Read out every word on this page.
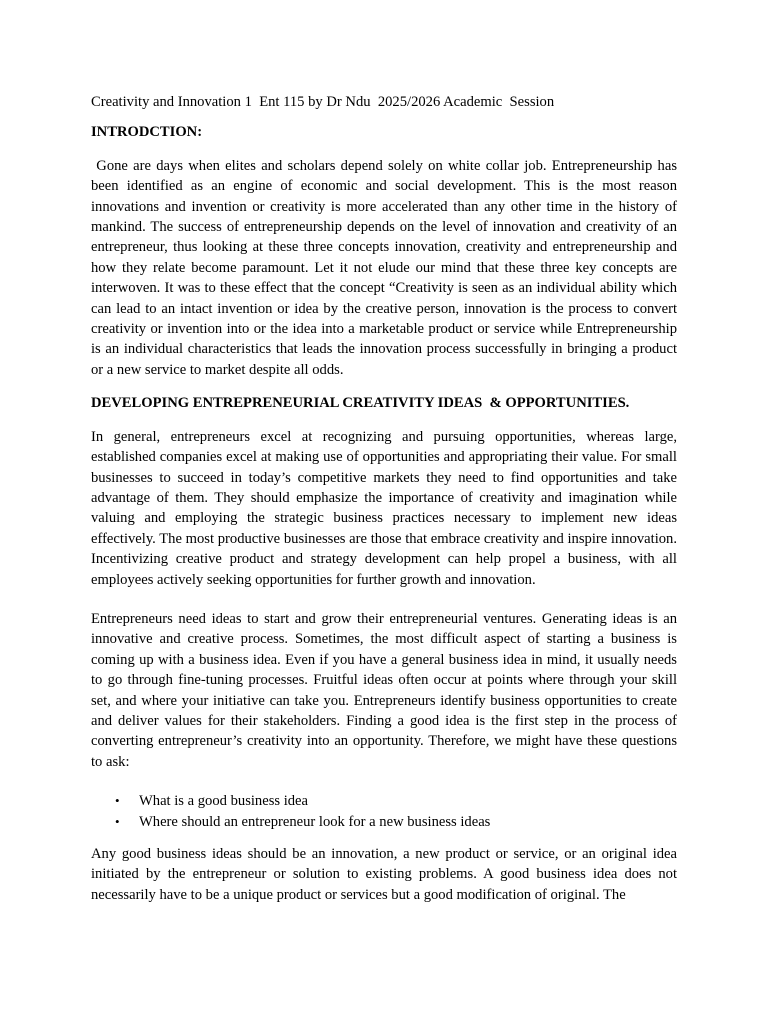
Creativity and Innovation 1  Ent 115 by Dr Ndu  2025/2026 Academic  Session

INTRODCTION:

Gone are days when elites and scholars depend solely on white collar job. Entrepreneurship has been identified as an engine of economic and social development. This is the most reason innovations and invention or creativity is more accelerated than any other time in the history of mankind. The success of entrepreneurship depends on the level of innovation and creativity of an entrepreneur, thus looking at these three concepts innovation, creativity and entrepreneurship and how they relate become paramount. Let it not elude our mind that these three key concepts are interwoven. It was to these effect that the concept “Creativity is seen as an individual ability which can lead to an intact invention or idea by the creative person, innovation is the process to convert creativity or invention into or the idea into a marketable product or service while Entrepreneurship is an individual characteristics that leads the innovation process successfully in bringing a product or a new service to market despite all odds.

DEVELOPING ENTREPRENEURIAL CREATIVITY IDEAS  & OPPORTUNITIES.

In general, entrepreneurs excel at recognizing and pursuing opportunities, whereas large, established companies excel at making use of opportunities and appropriating their value. For small businesses to succeed in today’s competitive markets they need to find opportunities and take advantage of them. They should emphasize the importance of creativity and imagination while valuing and employing the strategic business practices necessary to implement new ideas effectively. The most productive businesses are those that embrace creativity and inspire innovation. Incentivizing creative product and strategy development can help propel a business, with all employees actively seeking opportunities for further growth and innovation.

Entrepreneurs need ideas to start and grow their entrepreneurial ventures. Generating ideas is an innovative and creative process. Sometimes, the most difficult aspect of starting a business is coming up with a business idea. Even if you have a general business idea in mind, it usually needs to go through fine-tuning processes. Fruitful ideas often occur at points where through your skill set, and where your initiative can take you. Entrepreneurs identify business opportunities to create and deliver values for their stakeholders. Finding a good idea is the first step in the process of converting entrepreneur’s creativity into an opportunity. Therefore, we might have these questions to ask:

• What is a good business idea
• Where should an entrepreneur look for a new business ideas

Any good business ideas should be an innovation, a new product or service, or an original idea initiated by the entrepreneur or solution to existing problems. A good business idea does not necessarily have to be a unique product or services but a good modification of original. The
